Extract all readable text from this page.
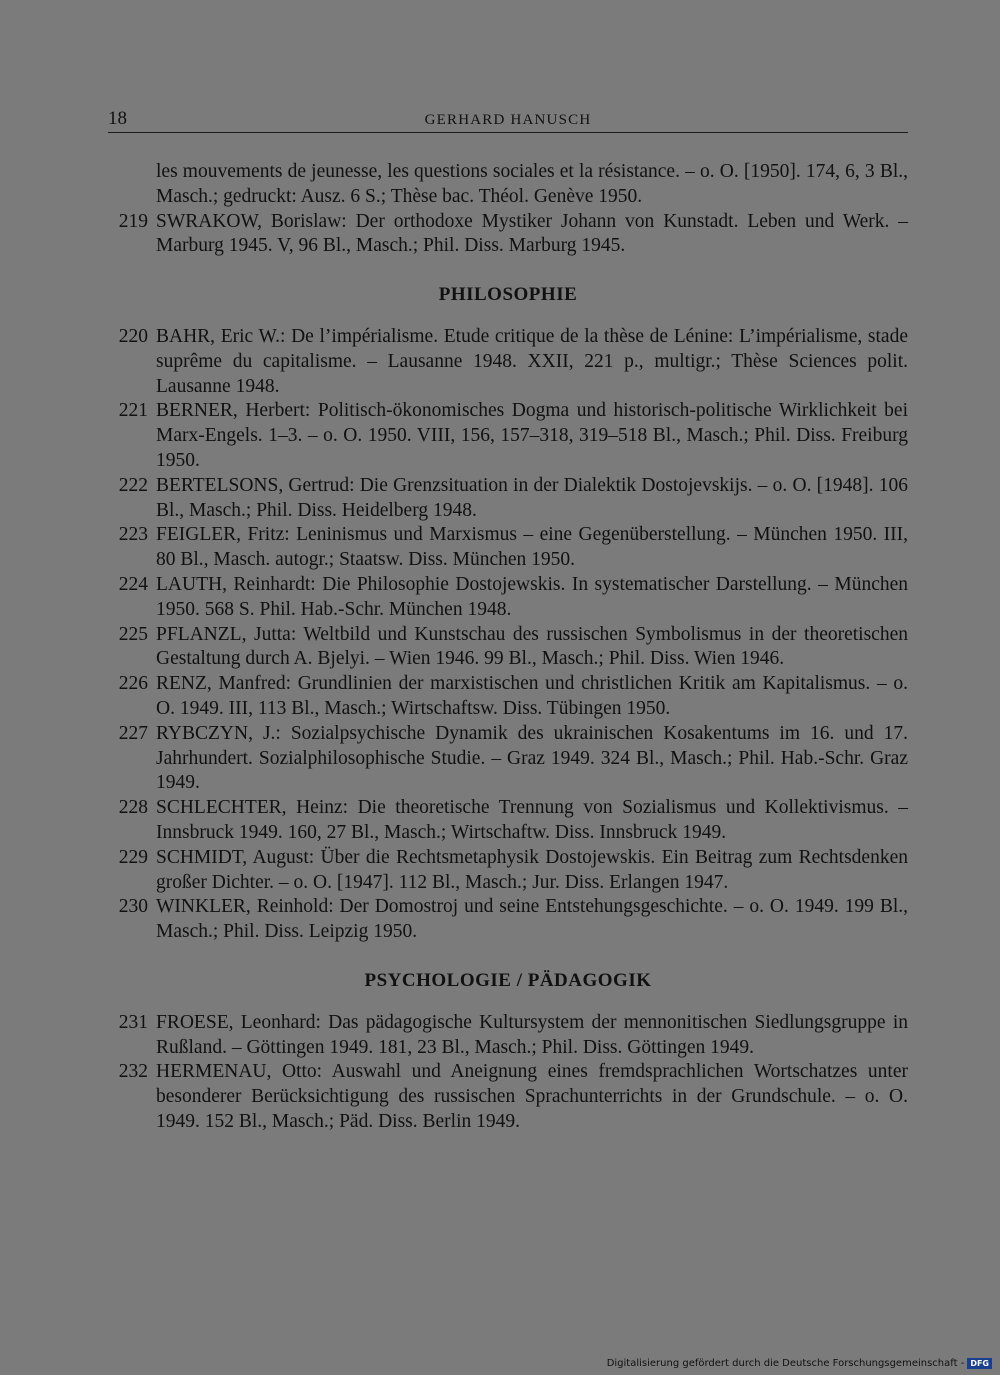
18	GERHARD HANUSCH
les mouvements de jeunesse, les questions sociales et la résistance. – o. O. [1950]. 174, 6, 3 Bl., Masch.; gedruckt: Ausz. 6 S.; Thèse bac. Théol. Genève 1950.
219 SWRAKOW, Borislaw: Der orthodoxe Mystiker Johann von Kunstadt. Leben und Werk. – Marburg 1945. V, 96 Bl., Masch.; Phil. Diss. Marburg 1945.
PHILOSOPHIE
220 BAHR, Eric W.: De l’impérialisme. Etude critique de la thèse de Lénine: L’impérialisme, stade suprême du capitalisme. – Lausanne 1948. XXII, 221 p., multigr.; Thèse Sciences polit. Lausanne 1948.
221 BERNER, Herbert: Politisch-ökonomisches Dogma und historisch-politische Wirklichkeit bei Marx-Engels. 1–3. – o. O. 1950. VIII, 156, 157–318, 319–518 Bl., Masch.; Phil. Diss. Freiburg 1950.
222 BERTELSONS, Gertrud: Die Grenzsituation in der Dialektik Dostojevskijs. – o. O. [1948]. 106 Bl., Masch.; Phil. Diss. Heidelberg 1948.
223 FEIGLER, Fritz: Leninismus und Marxismus – eine Gegenüberstellung. – München 1950. III, 80 Bl., Masch. autogr.; Staatsw. Diss. München 1950.
224 LAUTH, Reinhardt: Die Philosophie Dostojewskis. In systematischer Darstellung. – München 1950. 568 S. Phil. Hab.-Schr. München 1948.
225 PFLANZL, Jutta: Weltbild und Kunstschau des russischen Symbolismus in der theoretischen Gestaltung durch A. Bjelyi. – Wien 1946. 99 Bl., Masch.; Phil. Diss. Wien 1946.
226 RENZ, Manfred: Grundlinien der marxistischen und christlichen Kritik am Kapitalismus. – o. O. 1949. III, 113 Bl., Masch.; Wirtschaftsw. Diss. Tübingen 1950.
227 RYBCZYN, J.: Sozialpsychische Dynamik des ukrainischen Kosakentums im 16. und 17. Jahrhundert. Sozialphilosophische Studie. – Graz 1949. 324 Bl., Masch.; Phil. Hab.-Schr. Graz 1949.
228 SCHLECHTER, Heinz: Die theoretische Trennung von Sozialismus und Kollektivismus. – Innsbruck 1949. 160, 27 Bl., Masch.; Wirtschaftw. Diss. Innsbruck 1949.
229 SCHMIDT, August: Über die Rechtsmetaphysik Dostojewskis. Ein Beitrag zum Rechtsdenken großer Dichter. – o. O. [1947]. 112 Bl., Masch.; Jur. Diss. Erlangen 1947.
230 WINKLER, Reinhold: Der Domostroj und seine Entstehungsgeschichte. – o. O. 1949. 199 Bl., Masch.; Phil. Diss. Leipzig 1950.
PSYCHOLOGIE / PÄDAGOGIK
231 FROESE, Leonhard: Das pädagogische Kultursystem der mennonitischen Siedlungsgruppe in Rußland. – Göttingen 1949. 181, 23 Bl., Masch.; Phil. Diss. Göttingen 1949.
232 HERMENAU, Otto: Auswahl und Aneignung eines fremdsprachlichen Wortschatzes unter besonderer Berücksichtigung des russischen Sprachunterrichts in der Grundschule. – o. O. 1949. 152 Bl., Masch.; Päd. Diss. Berlin 1949.
Digitalisierung gefördert durch die Deutsche Forschungsgemeinschaft - DFG
